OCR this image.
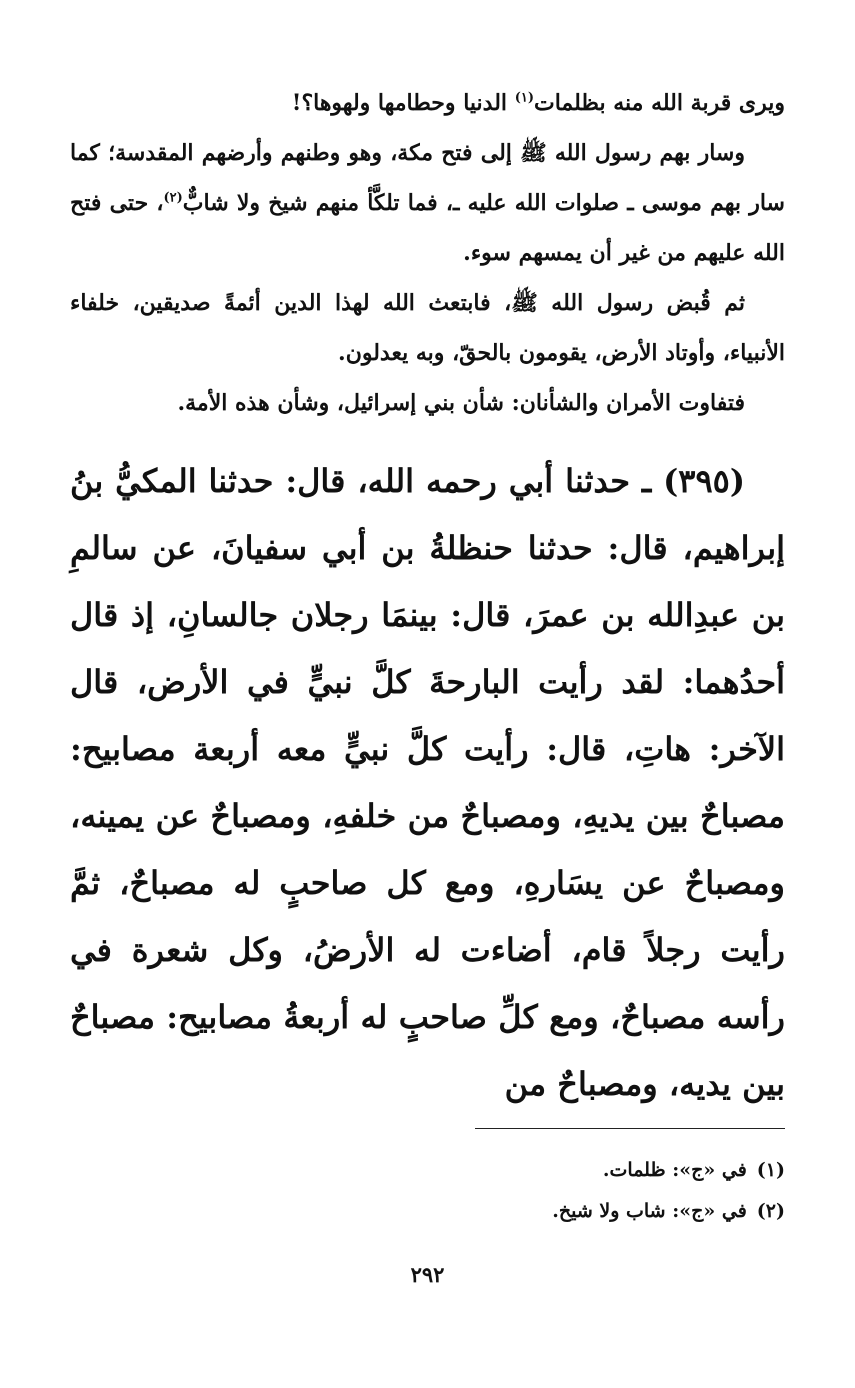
ويرى قربة الله منه بظلمات$^{(١)}$ الدنيا وحطامها ولهوها؟!

وسار بهم رسول الله ﷺ إلى فتح مكة، وهو وطنهم وأرضهم المقدسة؛ كما سار بهم موسى ـ صلوات الله عليه ـ، فما تلكَّأ منهم شيخ ولا شابٌّ$^{(٢)}$، حتى فتح الله عليهم من غير أن يمسهم سوء.

ثم قُبض رسول الله ﷺ، فابتعث الله لهذا الدين أئمةً صديقين، خلفاء الأنبياء، وأوتاد الأرض، يقومون بالحقّ، وبه يعدلون.

فتفاوت الأمران والشأنان: شأن بني إسرائيل، وشأن هذه الأمة.

(٣٩٥) ـ حدثنا أبي رحمه الله، قال: حدثنا المكيُّ بنُ إبراهيم، قال: حدثنا حنظلةُ بن أبي سفيانَ، عن سالمِ بن عبدِالله بن عمرَ، قال: بينمَا رجلان جالسانِ، إذ قال أحدُهما: لقد رأيت البارحةَ كلَّ نبيٍّ في الأرض، قال الآخر: هاتِ، قال: رأيت كلَّ نبيٍّ معه أربعة مصابيح: مصباحٌ بين يديهِ، ومصباحٌ من خلفهِ، ومصباحٌ عن يمينه، ومصباحٌ عن يسَارهِ، ومع كل صاحبٍ له مصباحٌ، ثمَّ رأيت رجلاً قام، أضاءت له الأرضُ، وكل شعرة في رأسه مصباحٌ، ومع كلِّ صاحبٍ له أربعةُ مصابيح: مصباحٌ بين يديه، ومصباحٌ من

(١)في «ج»: ظلمات.
(٢)في «ج»: شاب ولا شيخ.
٢٩٢
